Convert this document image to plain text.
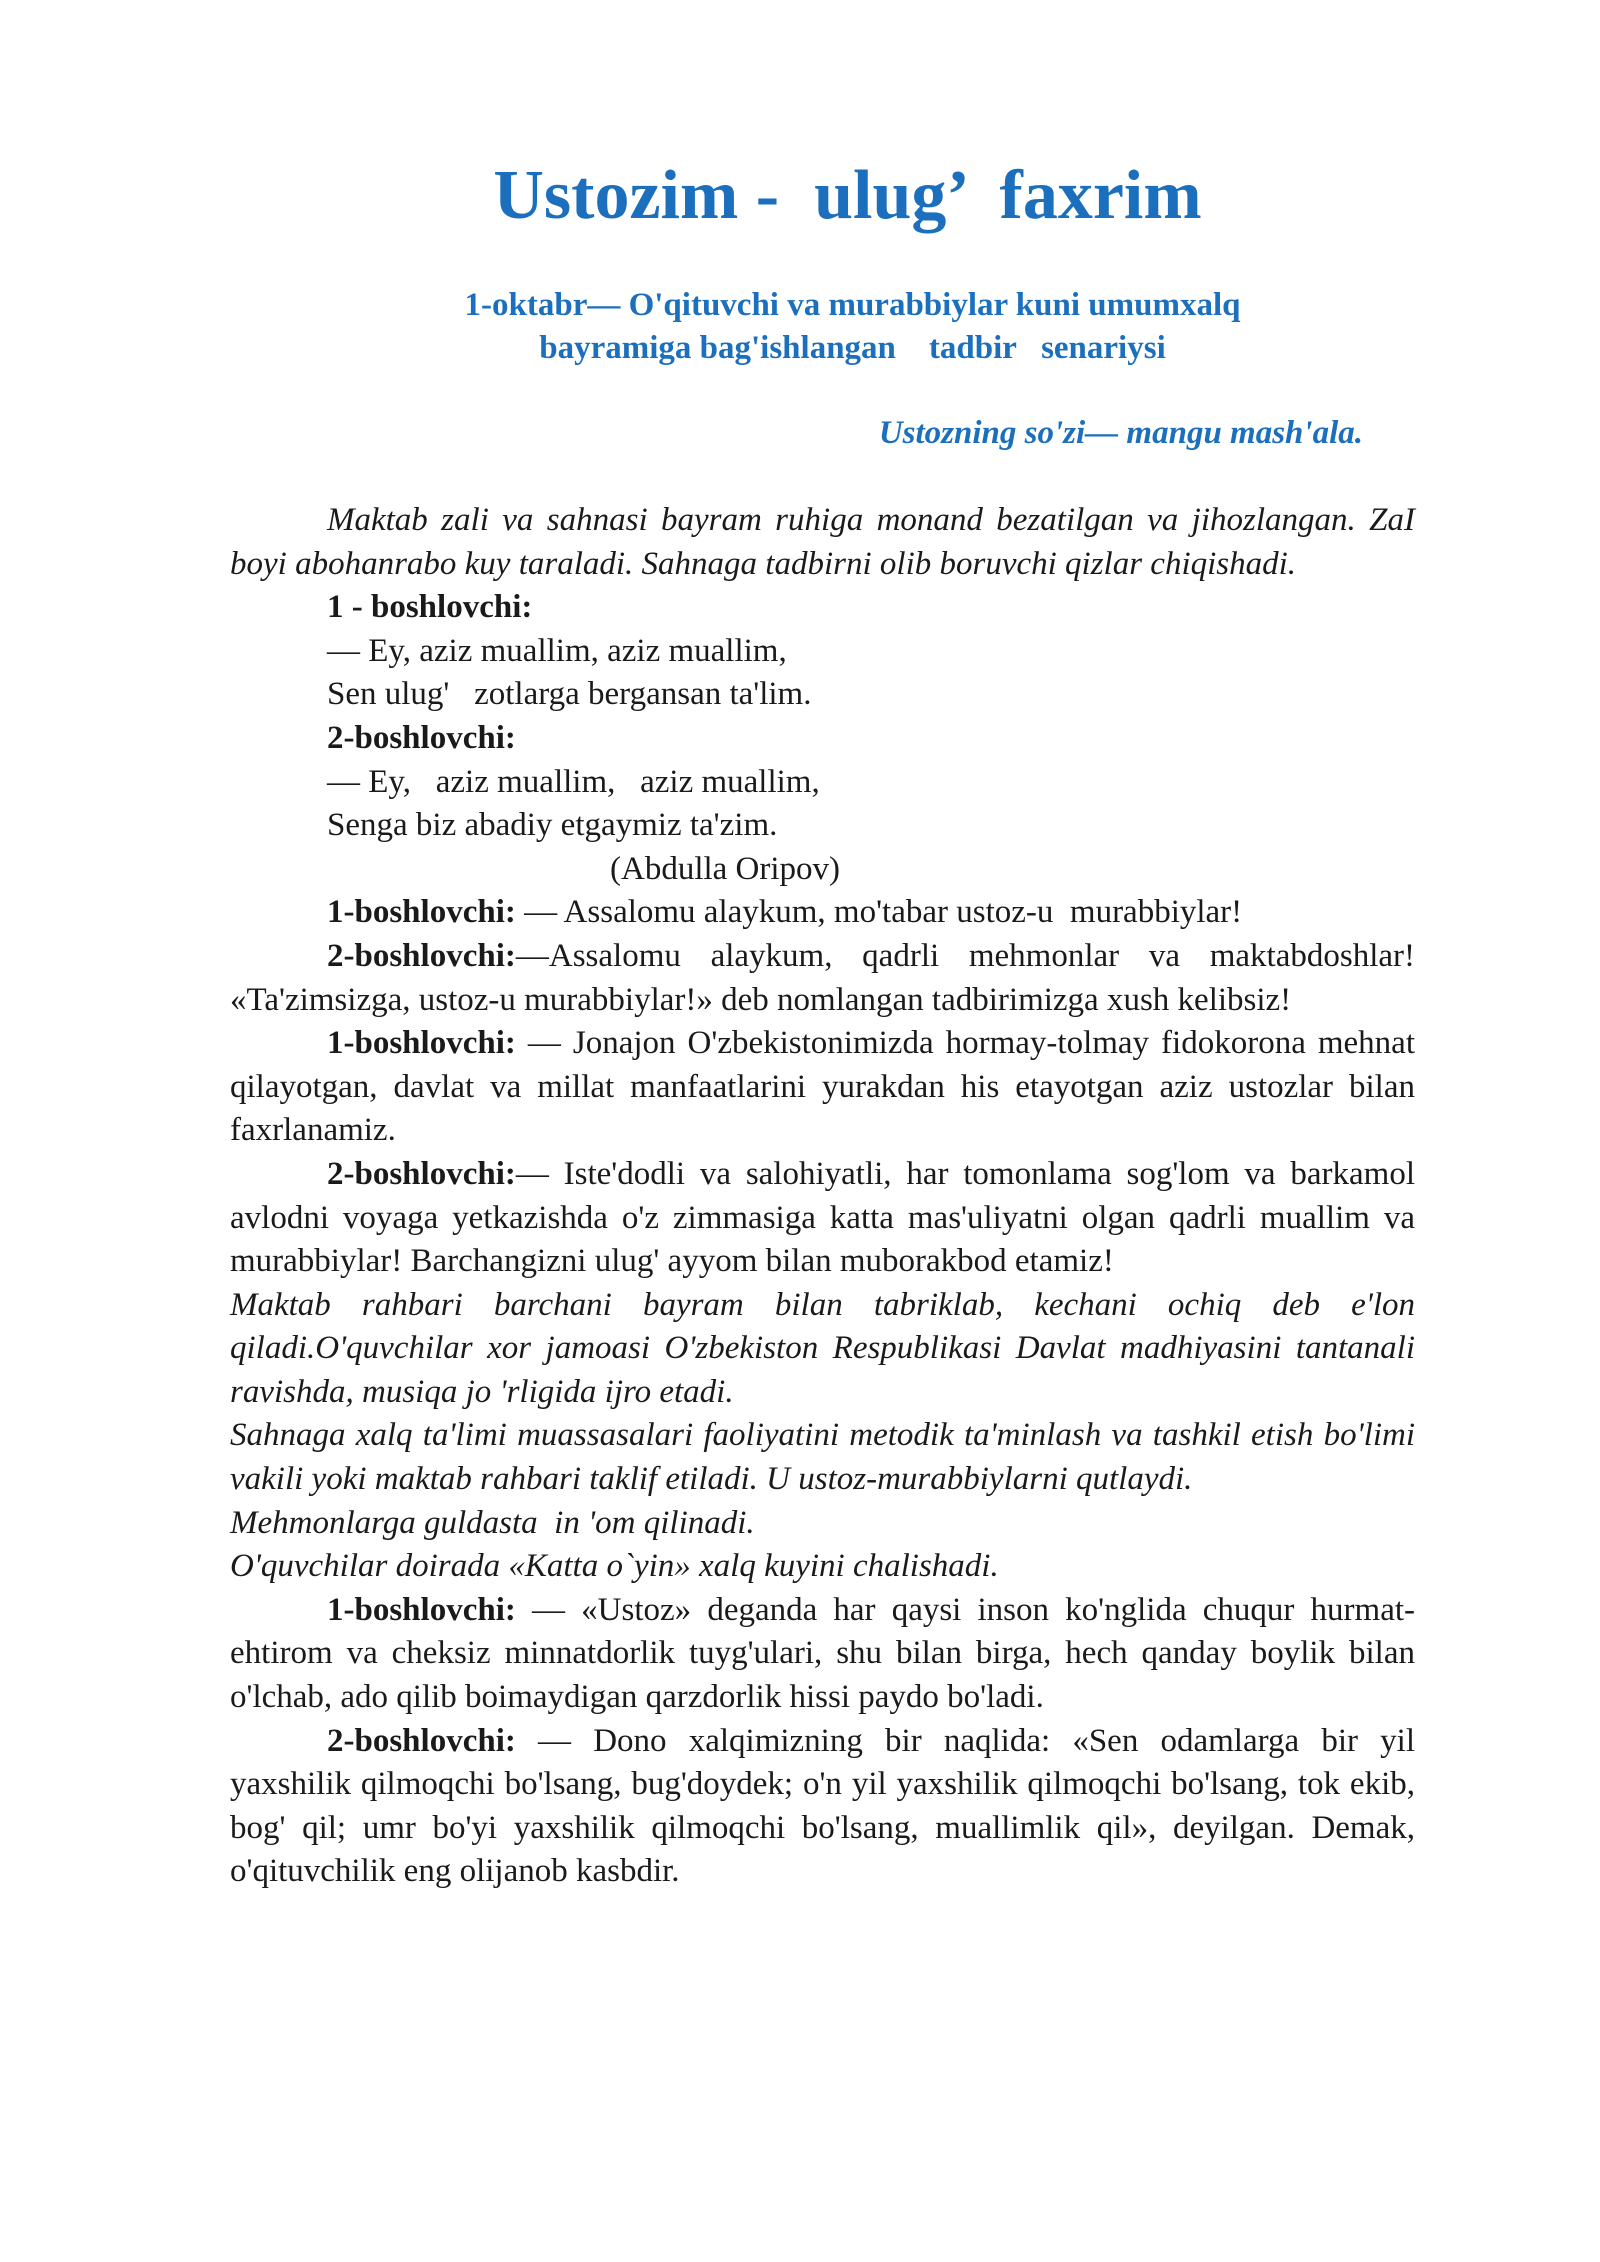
Ustozim -  ulug’  faxrim
1-oktabr— O'qituvchi va murabbiylar kuni umumxalq
bayramiga bag'ishlangan    tadbir   senariysi
Ustozning so'zi— mangu mash'ala.

Maktab zali va sahnasi bayram ruhiga monand bezatilgan va jihozlangan. ZaI boyi abohanrabo kuy taraladi. Sahnaga tadbirni olib boruvchi qizlar chiqishadi.

1 - boshlovchi:

— Ey, aziz muallim, aziz muallim,

Sen ulug'   zotlarga bergansan ta'lim.

2-boshlovchi:

— Ey,   aziz muallim,   aziz muallim,

Senga biz abadiy etgaymiz ta'zim.

(Abdulla Oripov)

1-boshlovchi: — Assalomu alaykum, mo'tabar ustoz-u  murabbiylar!

2-boshlovchi:—Assalomu alaykum, qadrli mehmonlar va maktabdoshlar! «Ta'zimsizga, ustoz-u murabbiylar!» deb nomlangan tadbirimizga xush kelibsiz!

1-boshlovchi: — Jonajon O'zbekistonimizda hormay-tolmay fidokorona mehnat qilayotgan, davlat va millat manfaatlarini yurakdan his etayotgan aziz ustozlar bilan faxrlanamiz.

2-boshlovchi:— Iste'dodli va salohiyatli, har tomonlama sog'lom va barkamol avlodni voyaga yetkazishda o'z zimmasiga katta mas'uliyatni olgan qadrli muallim va murabbiylar! Barchangizni ulug' ayyom bilan muborakbod etamiz!

Maktab rahbari barchani bayram bilan tabriklab, kechani ochiq deb e'lon qiladi.O'quvchilar xor jamoasi O'zbekiston Respublikasi Davlat madhiyasini tantanali ravishda, musiqa jo 'rligida ijro etadi.

Sahnaga xalq ta'limi muassasalari faoliyatini metodik ta'minlash va tashkil etish bo'limi vakili yoki maktab rahbari taklif etiladi. U ustoz-murabbiylarni qutlaydi.

Mehmonlarga guldasta  in 'om qilinadi.

O'quvchilar doirada «Katta o`yin» xalq kuyini chalishadi.

1-boshlovchi: — «Ustoz» deganda har qaysi inson ko'nglida chuqur hurmat-ehtirom va cheksiz minnatdorlik tuyg'ulari, shu bilan birga, hech qanday boylik bilan o'lchab, ado qilib boimaydigan qarzdorlik hissi paydo bo'ladi.

2-boshlovchi: — Dono xalqimizning bir naqlida: «Sen odamlarga bir yil yaxshilik qilmoqchi bo'lsang, bug'doydek; o'n yil yaxshilik qilmoqchi bo'lsang, tok ekib, bog' qil; umr bo'yi yaxshilik qilmoqchi bo'lsang, muallimlik qil», deyilgan. Demak, o'qituvchilik eng olijanob kasbdir.
